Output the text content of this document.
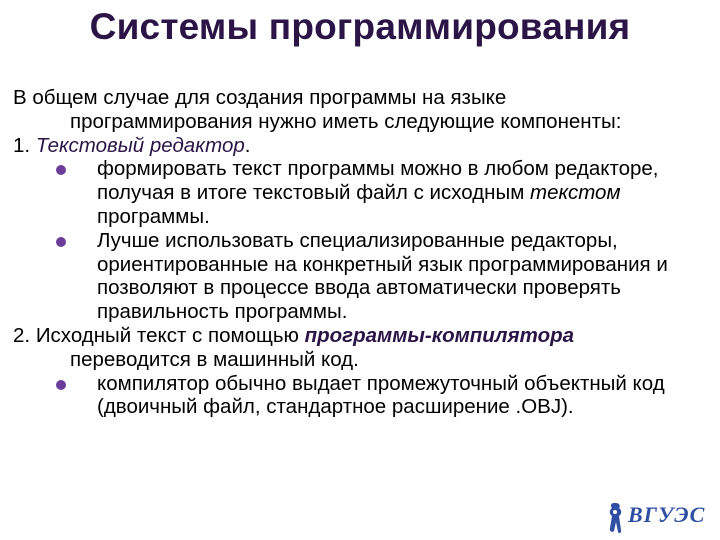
Системы программирования

В общем случае для создания программы на языке программирования нужно иметь следующие компоненты:

1. Текстовый редактор.

формировать текст программы можно в любом редакторе, получая в итоге текстовый файл с исходным текстом программы.

Лучше использовать специализированные редакторы, ориентированные на конкретный язык программирования и позволяют в процессе ввода автоматически проверять правильность программы.

2. Исходный текст с помощью программы-компилятора переводится в машинный код.

компилятор обычно выдает промежуточный объектный код (двоичный файл, стандартное расширение .OBJ).

ВГУЭС
